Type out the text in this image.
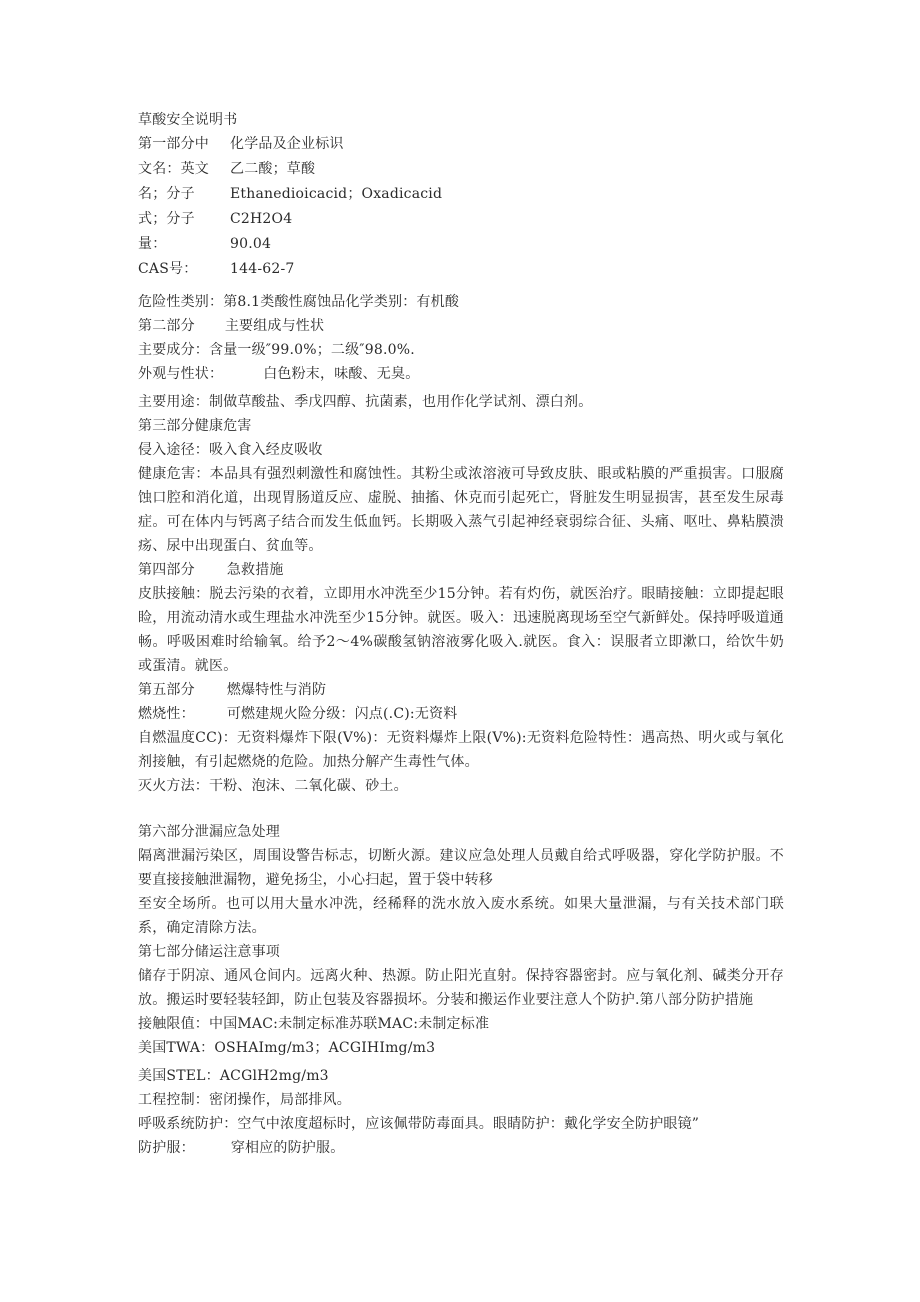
草酸安全说明书
第一部分中
文名：英文
名；分子
式；分子
量：
CAS号：
化学品及企业标识
乙二酸；草酸
Ethanedioicacid；Oxadicacid
C2H2O4
90.04
144-62-7
危险性类别：第8.1类酸性腐蚀品化学类别：有机酸
第二部分 主要组成与性状
主要成分：含量一级″99.0%；二级″98.0%.
外观与性状：	白色粉末，味酸、无臭。
主要用途：制做草酸盐、季戊四醇、抗菌素，也用作化学试剂、漂白剂。
第三部分健康危害
侵入途径：吸入食入经皮吸收
健康危害：本品具有强烈刺激性和腐蚀性。其粉尘或浓溶液可导致皮肤、眼或粘膜的严重损害。口服腐蚀口腔和消化道，出现胃肠道反应、虚脱、抽搐、休克而引起死亡，肾脏发生明显损害，甚至发生尿毒症。可在体内与钙离子结合而发生低血钙。长期吸入蒸气引起神经衰弱综合征、头痛、呕吐、鼻粘膜溃疡、尿中出现蛋白、贫血等。
第四部分 急救措施
皮肤接触：脱去污染的衣着，立即用水冲洗至少15分钟。若有灼伤，就医治疗。眼睛接触：立即提起眼睑，用流动清水或生理盐水冲洗至少15分钟。就医。吸入：迅速脱离现场至空气新鲜处。保持呼吸道通畅。呼吸困难时给输氧。给予2～4%碳酸氢钠溶液雾化吸入.就医。食入：误服者立即漱口，给饮牛奶或蛋清。就医。
第五部分 燃爆特性与消防
燃烧性： 可燃建规火险分级：闪点(.C):无资料
自燃温度CC)：无资料爆炸下限(V%)：无资料爆炸上限(V%):无资料危险特性：遇高热、明火或与氧化剂接触，有引起燃烧的危险。加热分解产生毒性气体。
灭火方法：干粉、泡沫、二氧化碳、砂土。
第六部分泄漏应急处理
隔离泄漏污染区，周围设警告标志，切断火源。建议应急处理人员戴自给式呼吸器，穿化学防护服。不要直接接触泄漏物，避免扬尘，小心扫起，置于袋中转移
至安全场所。也可以用大量水冲洗，经稀释的洗水放入废水系统。如果大量泄漏，与有关技术部门联系，确定清除方法。
第七部分储运注意事项
储存于阴凉、通风仓间内。远离火种、热源。防止阳光直射。保持容器密封。应与氧化剂、碱类分开存放。搬运时要轻装轻卸，防止包装及容器损坏。分装和搬运作业要注意人个防护.第八部分防护措施
接触限值：中国MAC:未制定标准苏联MAC:未制定标准
美国TWA：OSHAImg/m3；ACGIHImg/m3
美国STEL：ACGlH2mg/m3
工程控制：密闭操作，局部排风。
呼吸系统防护：空气中浓度超标时，应该佩带防毒面具。眼睛防护：戴化学安全防护眼镜”
防护服：	穿相应的防护服。
